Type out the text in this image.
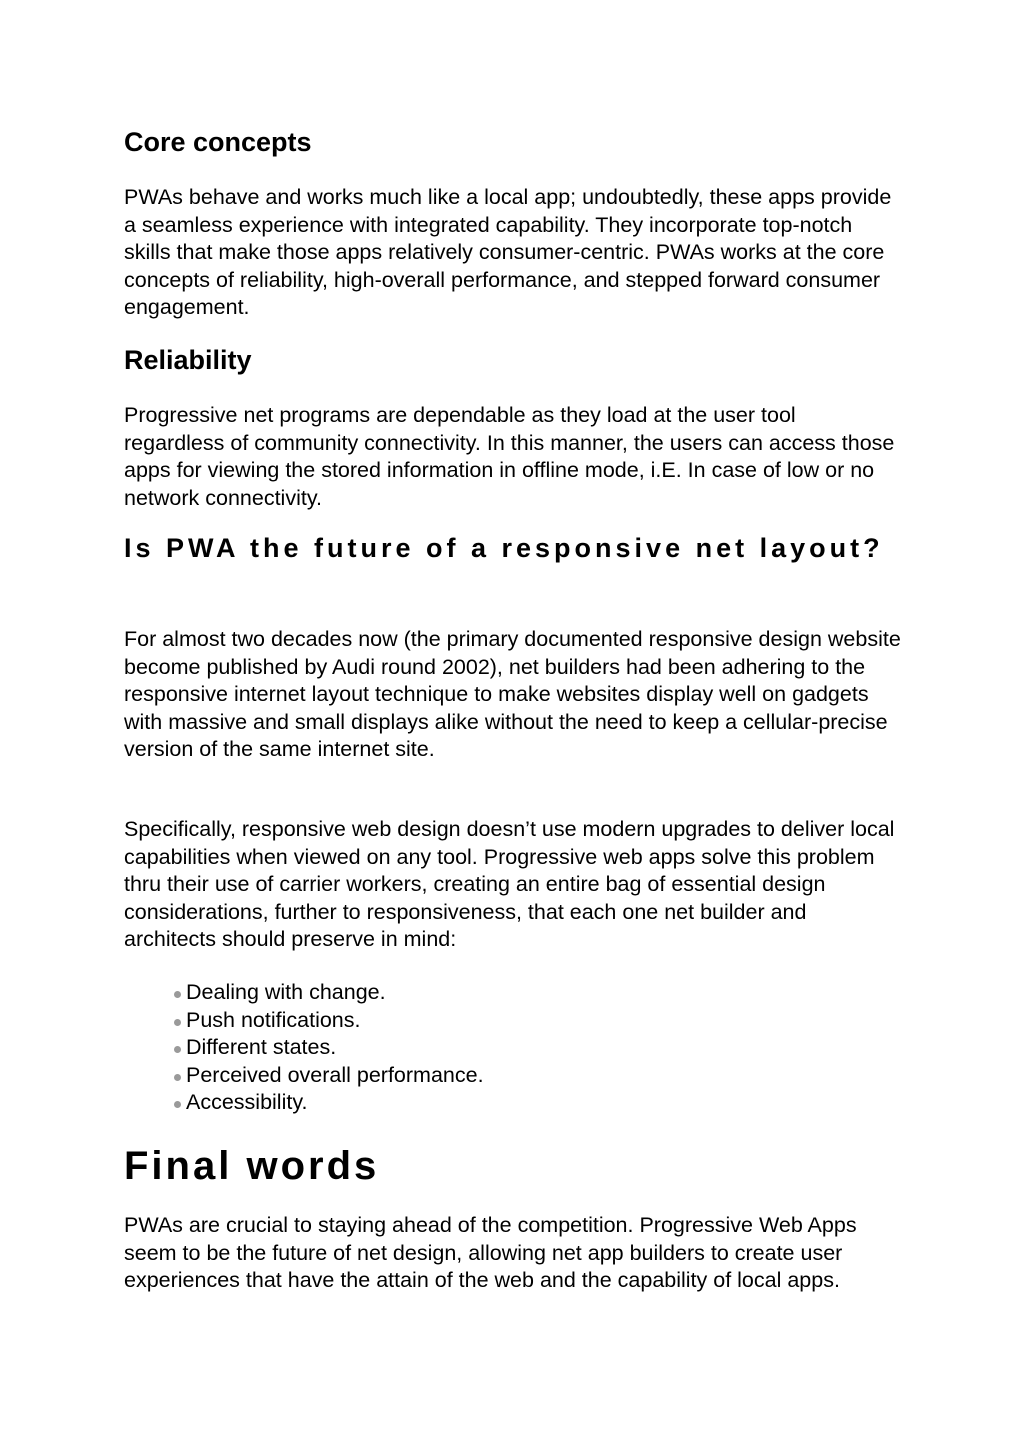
Core concepts

PWAs behave and works much like a local app; undoubtedly, these apps provide a seamless experience with integrated capability. They incorporate top-notch skills that make those apps relatively consumer-centric. PWAs works at the core concepts of reliability, high-overall performance, and stepped forward consumer engagement.

Reliability

Progressive net programs are dependable as they load at the user tool regardless of community connectivity. In this manner, the users can access those apps for viewing the stored information in offline mode, i.E. In case of low or no network connectivity.

Is PWA the future of a responsive net layout?

For almost two decades now (the primary documented responsive design website become published by Audi round 2002), net builders had been adhering to the responsive internet layout technique to make websites display well on gadgets with massive and small displays alike without the need to keep a cellular-precise version of the same internet site.

Specifically, responsive web design doesn’t use modern upgrades to deliver local capabilities when viewed on any tool. Progressive web apps solve this problem thru their use of carrier workers, creating an entire bag of essential design considerations, further to responsiveness, that each one net builder and architects should preserve in mind:

Dealing with change.
Push notifications.
Different states.
Perceived overall performance.
Accessibility.
Final words

PWAs are crucial to staying ahead of the competition. Progressive Web Apps seem to be the future of net design, allowing net app builders to create user experiences that have the attain of the web and the capability of local apps.
